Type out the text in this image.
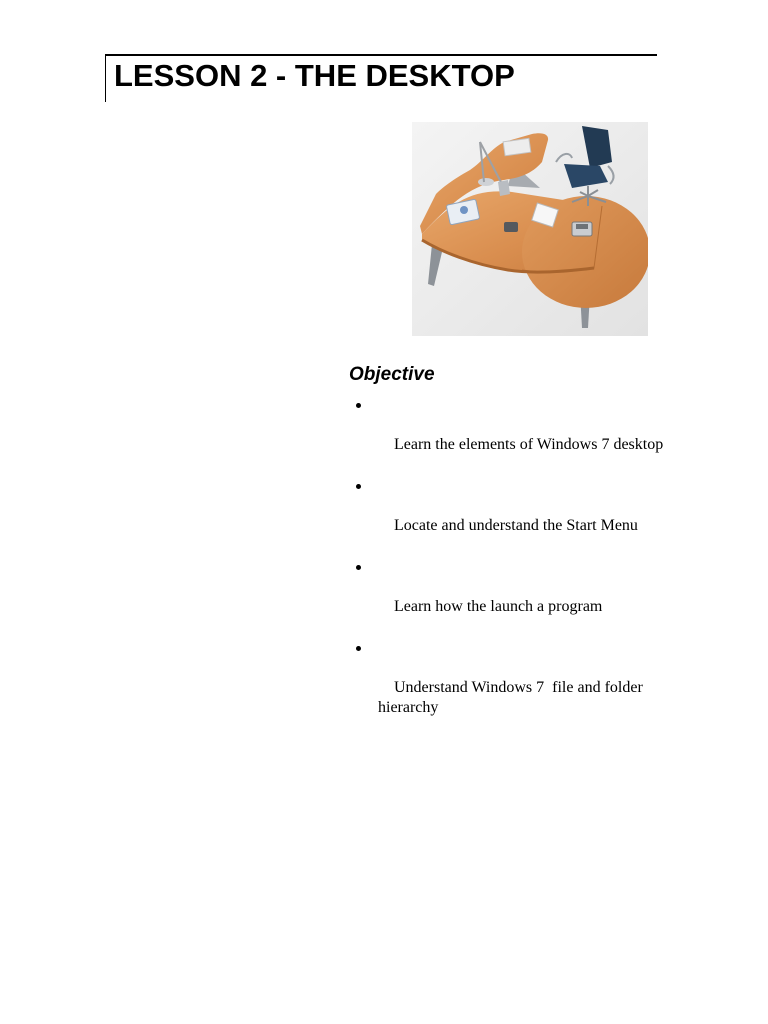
LESSON 2 - THE DESKTOP
Objective

Learn the elements of Windows 7 desktop

Locate and understand the Start Menu

Learn how the launch a program

Understand Windows 7  file and folder hierarchy
